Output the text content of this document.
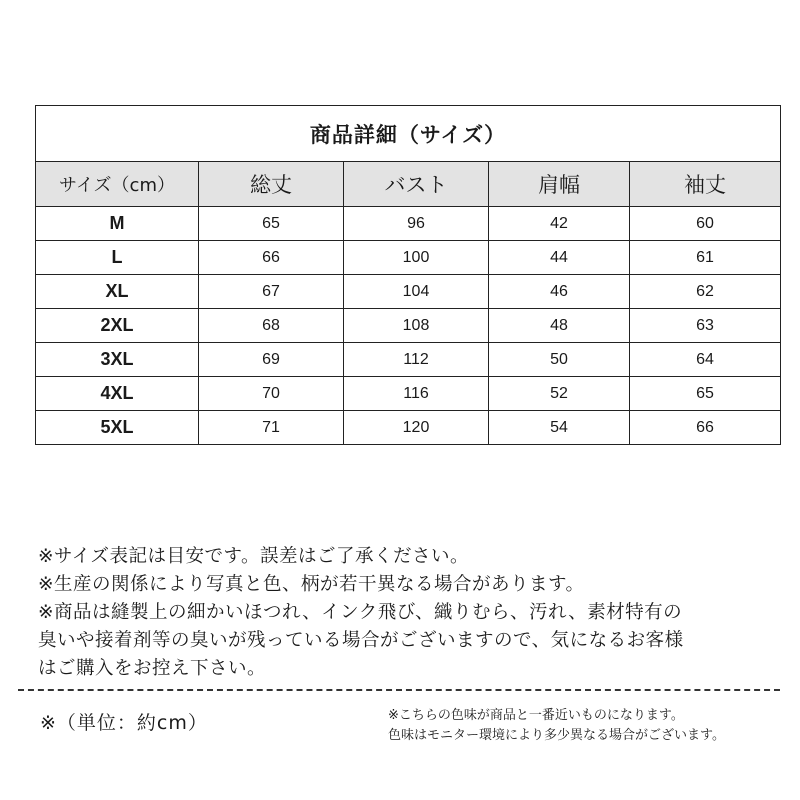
商品詳細（サイズ）				
サイズ（cm）	総丈	バスト	肩幅	袖丈
M	65	96	42	60
L	66	100	44	61
XL	67	104	46	62
2XL	68	108	48	63
3XL	69	112	50	64
4XL	70	116	52	65
5XL	71	120	54	66

※サイズ表記は目安です。誤差はご了承ください。

※生産の関係により写真と色、柄が若干異なる場合があります。

※商品は縫製上の細かいほつれ、インク飛び、織りむら、汚れ、素材特有の

臭いや接着剤等の臭いが残っている場合がございますので、気になるお客様

はご購入をお控え下さい。

※（単位：約cm）	※こちらの色味が商品と一番近いものになります。

色味はモニター環境により多少異なる場合がございます。
